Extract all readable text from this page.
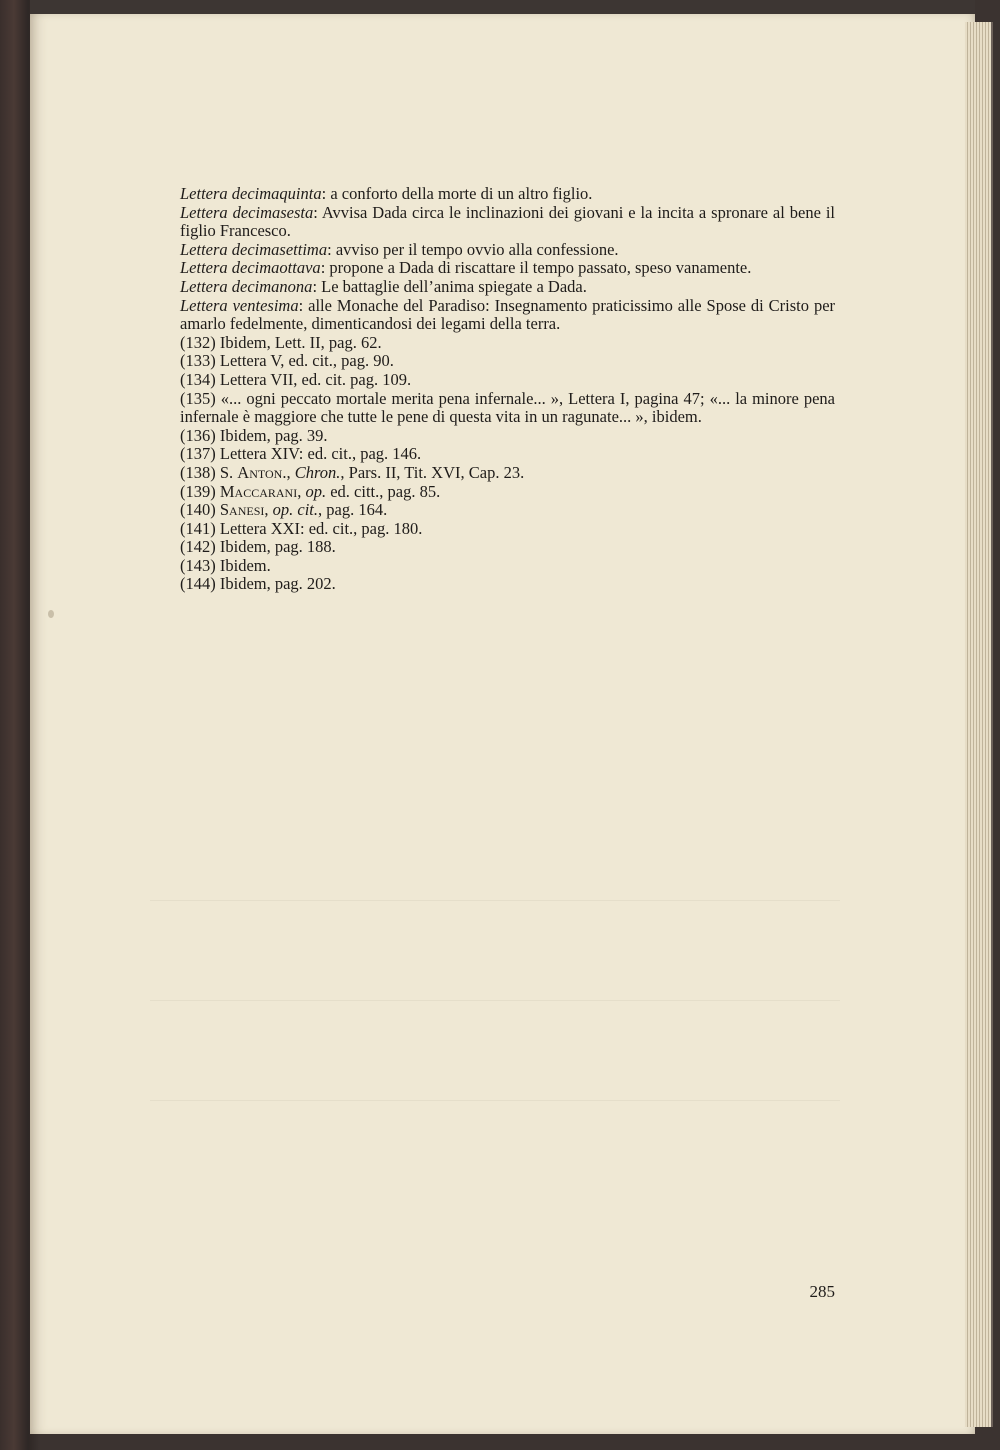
Lettera decimaquinta: a conforto della morte di un altro figlio.

Lettera decimasesta: Avvisa Dada circa le inclinazioni dei giovani e la incita a spronare al bene il figlio Francesco.

Lettera decimasettima: avviso per il tempo ovvio alla confessione.

Lettera decimaottava: propone a Dada di riscattare il tempo passato, speso vanamente.

Lettera decimanona: Le battaglie dell’anima spiegate a Dada.

Lettera ventesima: alle Monache del Paradiso: Insegnamento praticissimo alle Spose di Cristo per amarlo fedelmente, dimenticandosi dei legami della terra.

(132) Ibidem, Lett. II, pag. 62.

(133) Lettera V, ed. cit., pag. 90.

(134) Lettera VII, ed. cit. pag. 109.

(135) «... ogni peccato mortale merita pena infernale... », Lettera I, pagina 47; «... la minore pena infernale è maggiore che tutte le pene di questa vita in un ragunate... », ibidem.

(136) Ibidem, pag. 39.

(137) Lettera XIV: ed. cit., pag. 146.

(138) S. Anton., Chron., Pars. II, Tit. XVI, Cap. 23.

(139) Maccarani, op. ed. citt., pag. 85.

(140) Sanesi, op. cit., pag. 164.

(141) Lettera XXI: ed. cit., pag. 180.

(142) Ibidem, pag. 188.

(143) Ibidem.

(144) Ibidem, pag. 202.

285
